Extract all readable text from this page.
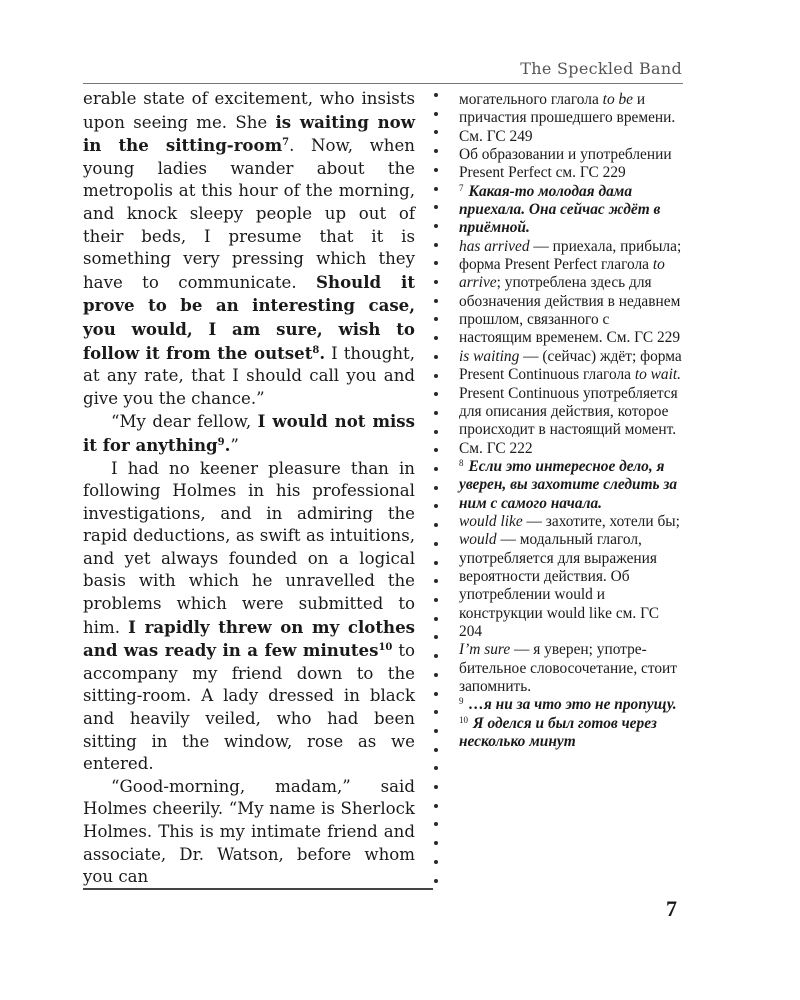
The Speckled Band

erable state of excitement, who insists upon seeing me. She is waiting now in the sitting-room$^7$. Now, when young ladies wander about the metropolis at this hour of the morning, and knock sleepy people up out of their beds, I presume that it is something very pressing which they have to communicate. Should it prove to be an interesting case, you would, I am sure, wish to follow it from the outset$^8$. I thought, at any rate, that I should call you and give you the chance.”

“My dear fellow, I would not miss it for anything$^9$.”

I had no keener pleasure than in following Holmes in his professional investigations, and in admiring the rapid deductions, as swift as intuitions, and yet always founded on a logical basis with which he unravelled the problems which were submitted to him. I rapidly threw on my clothes and was ready in a few minutes$^{10}$ to accompany my friend down to the sitting-room. A lady dressed in black and heavily veiled, who had been sitting in the window, rose as we entered.

“Good-morning, madam,” said Holmes cheerily. “My name is Sherlock Holmes. This is my intimate friend and associate, Dr. Watson, before whom you can

могательного глагола to be и причастия прошедшего времени. См. ГС 249

Об образовании и употреблении Present Perfect см. ГС 229

$^7$ Какая-то молодая дама приехала. Она сейчас ждёт в приёмной.

has arrived — приехала, прибыла; форма Present Perfect глагола to arrive; употреблена здесь для обозначения действия в недавнем прошлом, связанного с настоящим временем. См. ГС 229

is waiting — (сейчас) ждёт; форма Present Continuous глагола to wait. Present Continuous употребляется для описания действия, которое происходит в настоящий момент. См. ГС 222

$^8$ Если это интересное дело, я уверен, вы захотите следить за ним с самого начала.

would like — захотите, хотели бы; would — модальный глагол, употребляется для выражения вероятности действия. Об употреблении would и конструкции would like см. ГС 204

I’m sure — я уверен; употребительное словосочетание, стоит запомнить.

$^9$ …я ни за что это не пропущу.

$^{10}$ Я оделся и был готов через несколько минут

7
